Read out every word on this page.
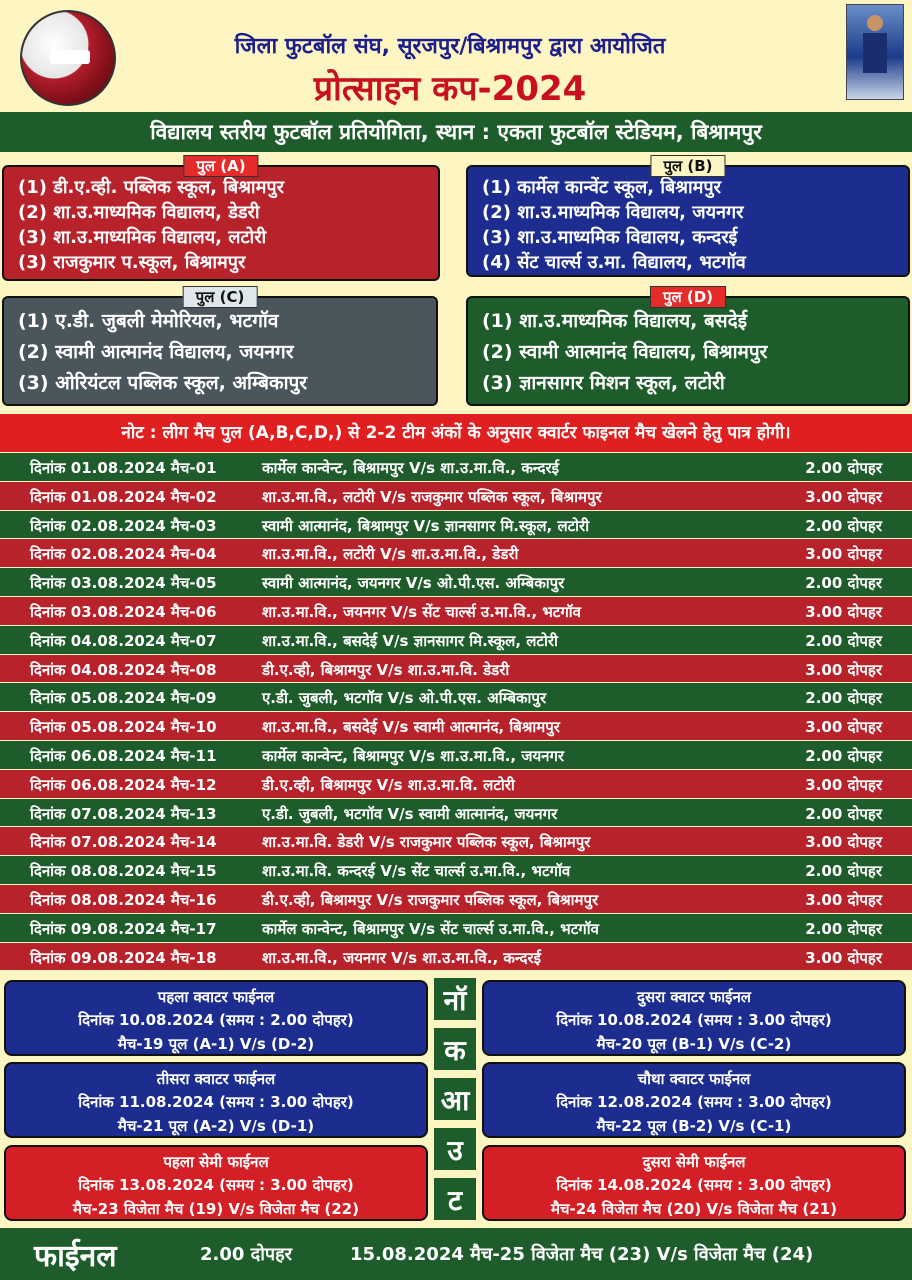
जिला फुटबॉल संघ, सूरजपुर/बिश्रामपुर द्वारा आयोजित
प्रोत्साहन कप-2024
विद्यालय स्तरीय फुटबॉल प्रतियोगिता, स्थान : एकता फुटबॉल स्टेडियम, बिश्रामपुर
पुल (A)
(1) डी.ए.व्ही. पब्लिक स्कूल, बिश्रामपुर
(2) शा.उ.माध्यमिक विद्यालय, डेडरी
(3) शा.उ.माध्यमिक विद्यालय, लटोरी
(3) राजकुमार प.स्कूल, बिश्रामपुर
पुल (B)
(1) कार्मेल कान्वेंट स्कूल, बिश्रामपुर
(2) शा.उ.माध्यमिक विद्यालय, जयनगर
(3) शा.उ.माध्यमिक विद्यालय, कन्दरई
(4) सेंट चार्ल्स उ.मा. विद्यालय, भटगॉव
पुल (C)
(1) ए.डी. जुबली मेमोरियल, भटगॉव
(2) स्वामी आत्मानंद विद्यालय, जयनगर
(3) ओरियंटल पब्लिक स्कूल, अम्बिकापुर
पुल (D)
(1) शा.उ.माध्यमिक विद्यालय, बसदेई
(2) स्वामी आत्मानंद विद्यालय, बिश्रामपुर
(3) ज्ञानसागर मिशन स्कूल, लटोरी
नोट : लीग मैच पुल (A,B,C,D,) से 2-2 टीम अंकों के अनुसार क्वार्टर फाइनल मैच खेलने हेतु पात्र होगी।
दिनांक 01.08.2024 मैच-01	कार्मेल कान्वेन्ट, बिश्रामपुर V/s शा.उ.मा.वि., कन्दरई	2.00 दोपहर
दिनांक 01.08.2024 मैच-02	शा.उ.मा.वि., लटोरी V/s राजकुमार पब्लिक स्कूल, बिश्रामपुर	3.00 दोपहर
दिनांक 02.08.2024 मैच-03	स्वामी आत्मानंद, बिश्रामपुर V/s ज्ञानसागर मि.स्कूल, लटोरी	2.00 दोपहर
दिनांक 02.08.2024 मैच-04	शा.उ.मा.वि., लटोरी V/s शा.उ.मा.वि., डेडरी	3.00 दोपहर
दिनांक 03.08.2024 मैच-05	स्वामी आत्मानंद, जयनगर V/s ओ.पी.एस. अम्बिकापुर	2.00 दोपहर
दिनांक 03.08.2024 मैच-06	शा.उ.मा.वि., जयनगर V/s सेंट चार्ल्स उ.मा.वि., भटगॉव	3.00 दोपहर
दिनांक 04.08.2024 मैच-07	शा.उ.मा.वि., बसदेई V/s ज्ञानसागर मि.स्कूल, लटोरी	2.00 दोपहर
दिनांक 04.08.2024 मैच-08	डी.ए.व्ही, बिश्रामपुर V/s शा.उ.मा.वि. डेडरी	3.00 दोपहर
दिनांक 05.08.2024 मैच-09	ए.डी. जुबली, भटगॉव V/s ओ.पी.एस. अम्बिकापुर	2.00 दोपहर
दिनांक 05.08.2024 मैच-10	शा.उ.मा.वि., बसदेई V/s स्वामी आत्मानंद, बिश्रामपुर	3.00 दोपहर
दिनांक 06.08.2024 मैच-11	कार्मेल कान्वेन्ट, बिश्रामपुर V/s शा.उ.मा.वि., जयनगर	2.00 दोपहर
दिनांक 06.08.2024 मैच-12	डी.ए.व्ही, बिश्रामपुर V/s शा.उ.मा.वि. लटोरी	3.00 दोपहर
दिनांक 07.08.2024 मैच-13	ए.डी. जुबली, भटगॉव V/s स्वामी आत्मानंद, जयनगर	2.00 दोपहर
दिनांक 07.08.2024 मैच-14	शा.उ.मा.वि. डेडरी V/s राजकुमार पब्लिक स्कूल, बिश्रामपुर	3.00 दोपहर
दिनांक 08.08.2024 मैच-15	शा.उ.मा.वि. कन्दरई V/s सेंट चार्ल्स उ.मा.वि., भटगॉव	2.00 दोपहर
दिनांक 08.08.2024 मैच-16	डी.ए.व्ही, बिश्रामपुर V/s राजकुमार पब्लिक स्कूल, बिश्रामपुर	3.00 दोपहर
दिनांक 09.08.2024 मैच-17	कार्मेल कान्वेन्ट, बिश्रामपुर V/s सेंट चार्ल्स उ.मा.वि., भटगॉव	2.00 दोपहर
दिनांक 09.08.2024 मैच-18	शा.उ.मा.वि., जयनगर V/s शा.उ.मा.वि., कन्दरई	3.00 दोपहर
पहला क्वाटर फाईनल
दिनांक 10.08.2024 (समय : 2.00 दोपहर)
मैच-19 पूल (A-1) V/s (D-2)
दुसरा क्वाटर फाईनल
दिनांक 10.08.2024 (समय : 3.00 दोपहर)
मैच-20 पूल (B-1) V/s (C-2)
तीसरा क्वाटर फाईनल
दिनांक 11.08.2024 (समय : 3.00 दोपहर)
मैच-21 पूल (A-2) V/s (D-1)
चौथा क्वाटर फाईनल
दिनांक 12.08.2024 (समय : 3.00 दोपहर)
मैच-22 पूल (B-2) V/s (C-1)
पहला सेमी फाईनल
दिनांक 13.08.2024 (समय : 3.00 दोपहर)
मैच-23 विजेता मैच (19) V/s विजेता मैच (22)
दुसरा सेमी फाईनल
दिनांक 14.08.2024 (समय : 3.00 दोपहर)
मैच-24 विजेता मैच (20) V/s विजेता मैच (21)
नॉ
क
आ
उ
ट
फाईनल	2.00 दोपहर	15.08.2024 मैच-25 विजेता मैच (23) V/s विजेता मैच (24)
